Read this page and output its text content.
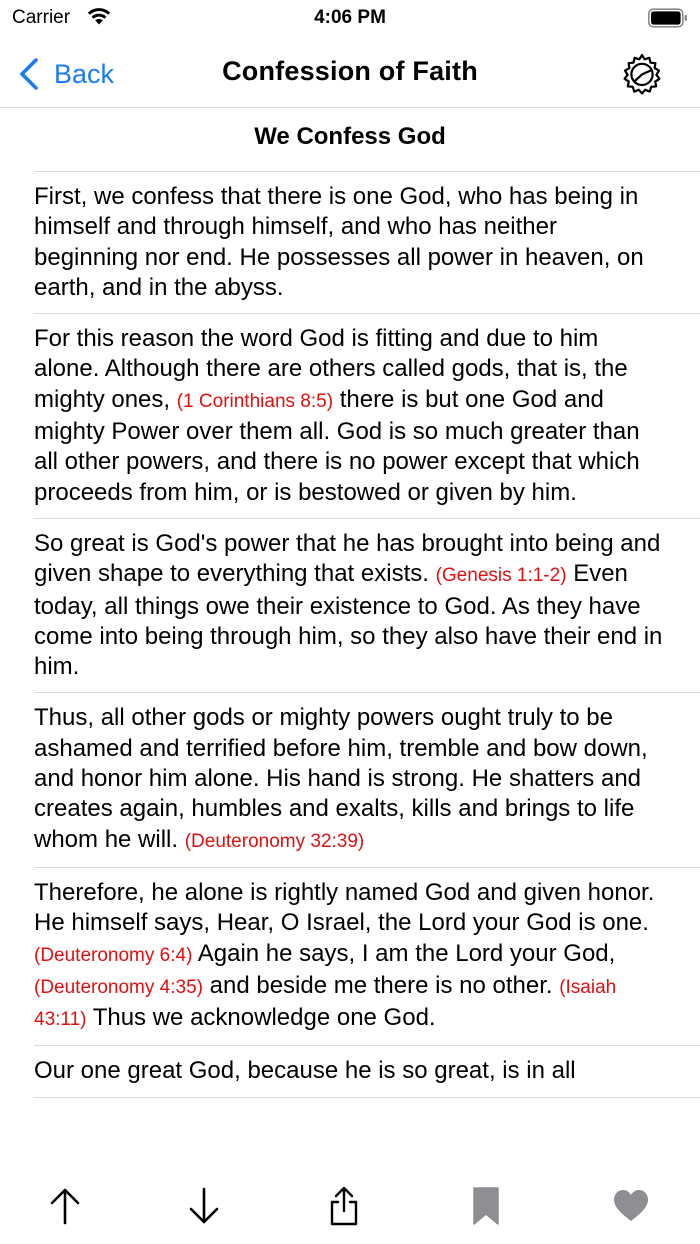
Carrier	4:06 PM
Back	Confession of Faith
We Confess God
First, we confess that there is one God, who has being in himself and through himself, and who has neither beginning nor end. He possesses all power in heaven, on earth, and in the abyss.
For this reason the word God is fitting and due to him alone. Although there are others called gods, that is, the mighty ones, (1 Corinthians 8:5) there is but one God and mighty Power over them all. God is so much greater than all other powers, and there is no power except that which proceeds from him, or is bestowed or given by him.
So great is God's power that he has brought into being and given shape to everything that exists. (Genesis 1:1-2) Even today, all things owe their existence to God. As they have come into being through him, so they also have their end in him.
Thus, all other gods or mighty powers ought truly to be ashamed and terrified before him, tremble and bow down, and honor him alone. His hand is strong. He shatters and creates again, humbles and exalts, kills and brings to life whom he will. (Deuteronomy 32:39)
Therefore, he alone is rightly named God and given honor. He himself says, Hear, O Israel, the Lord your God is one. (Deuteronomy 6:4) Again he says, I am the Lord your God, (Deuteronomy 4:35) and beside me there is no other. (Isaiah 43:11) Thus we acknowledge one God.
Our one great God, because he is so great, is in all
